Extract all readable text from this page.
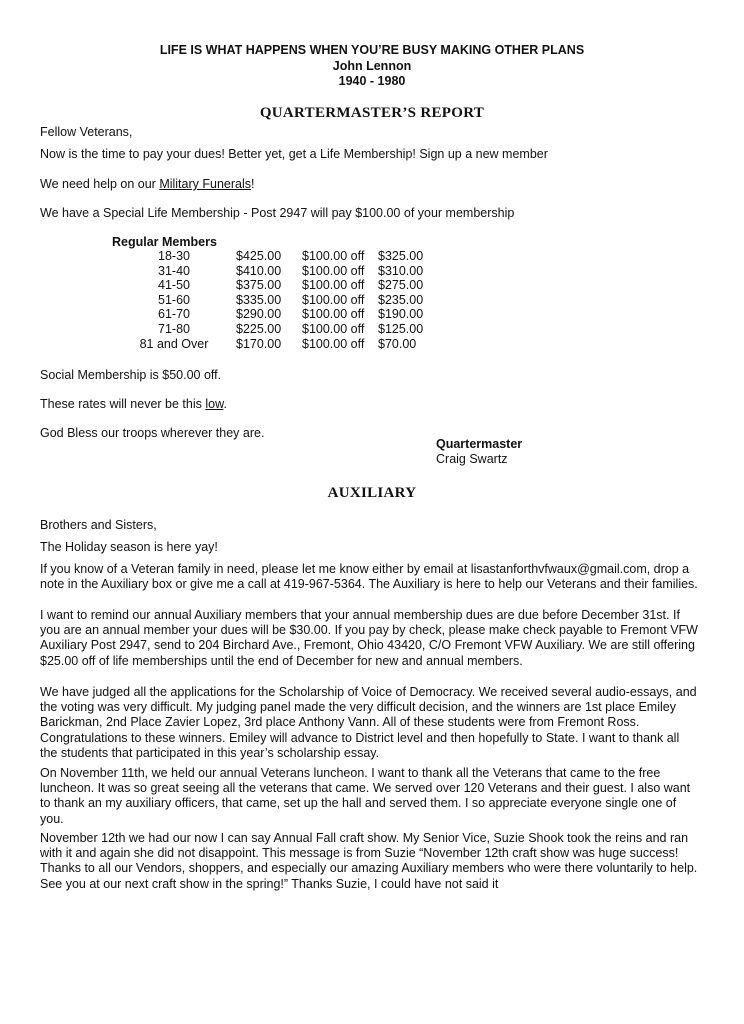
LIFE IS WHAT HAPPENS WHEN YOU’RE BUSY MAKING OTHER PLANS
John Lennon
1940 - 1980
QUARTERMASTER’S REPORT
Fellow Veterans,
Now is the time to pay your dues! Better yet, get a Life Membership! Sign up a new member
We need help on our Military Funerals!
We have a Special Life Membership - Post 2947 will pay $100.00 of your membership
Regular Members
18-30	$425.00	$100.00 off	$325.00
31-40	$410.00	$100.00 off	$310.00
41-50	$375.00	$100.00 off	$275.00
51-60	$335.00	$100.00 off	$235.00
61-70	$290.00	$100.00 off	$190.00
71-80	$225.00	$100.00 off	$125.00
81 and Over	$170.00	$100.00 off	$70.00
Social Membership is $50.00 off.
These rates will never be this low.
God Bless our troops wherever they are.
Quartermaster
Craig Swartz
AUXILIARY
Brothers and Sisters,
The Holiday season is here yay!

If you know of a Veteran family in need, please let me know either by email at lisastanforthvfwaux@gmail.com, drop a note in the Auxiliary box or give me a call at 419-967-5364. The Auxiliary is here to help our Veterans and their families.

I want to remind our annual Auxiliary members that your annual membership dues are due before December 31st. If you are an annual member your dues will be $30.00. If you pay by check, please make check payable to Fremont VFW Auxiliary Post 2947, send to 204 Birchard Ave., Fremont, Ohio 43420, C/O Fremont VFW Auxiliary. We are still offering $25.00 off of life memberships until the end of December for new and annual members.

We have judged all the applications for the Scholarship of Voice of Democracy. We received several audio-essays, and the voting was very difficult. My judging panel made the very difficult decision, and the winners are 1st place Emiley Barickman, 2nd Place Zavier Lopez, 3rd place Anthony Vann. All of these students were from Fremont Ross. Congratulations to these winners. Emiley will advance to District level and then hopefully to State. I want to thank all the students that participated in this year’s scholarship essay.

On November 11th, we held our annual Veterans luncheon. I want to thank all the Veterans that came to the free luncheon. It was so great seeing all the veterans that came. We served over 120 Veterans and their guest. I also want to thank an my auxiliary officers, that came, set up the hall and served them. I so appreciate everyone single one of you.

November 12th we had our now I can say Annual Fall craft show. My Senior Vice, Suzie Shook took the reins and ran with it and again she did not disappoint. This message is from Suzie “November 12th craft show was huge success! Thanks to all our Vendors, shoppers, and especially our amazing Auxiliary members who were there voluntarily to help. See you at our next craft show in the spring!” Thanks Suzie, I could have not said it
